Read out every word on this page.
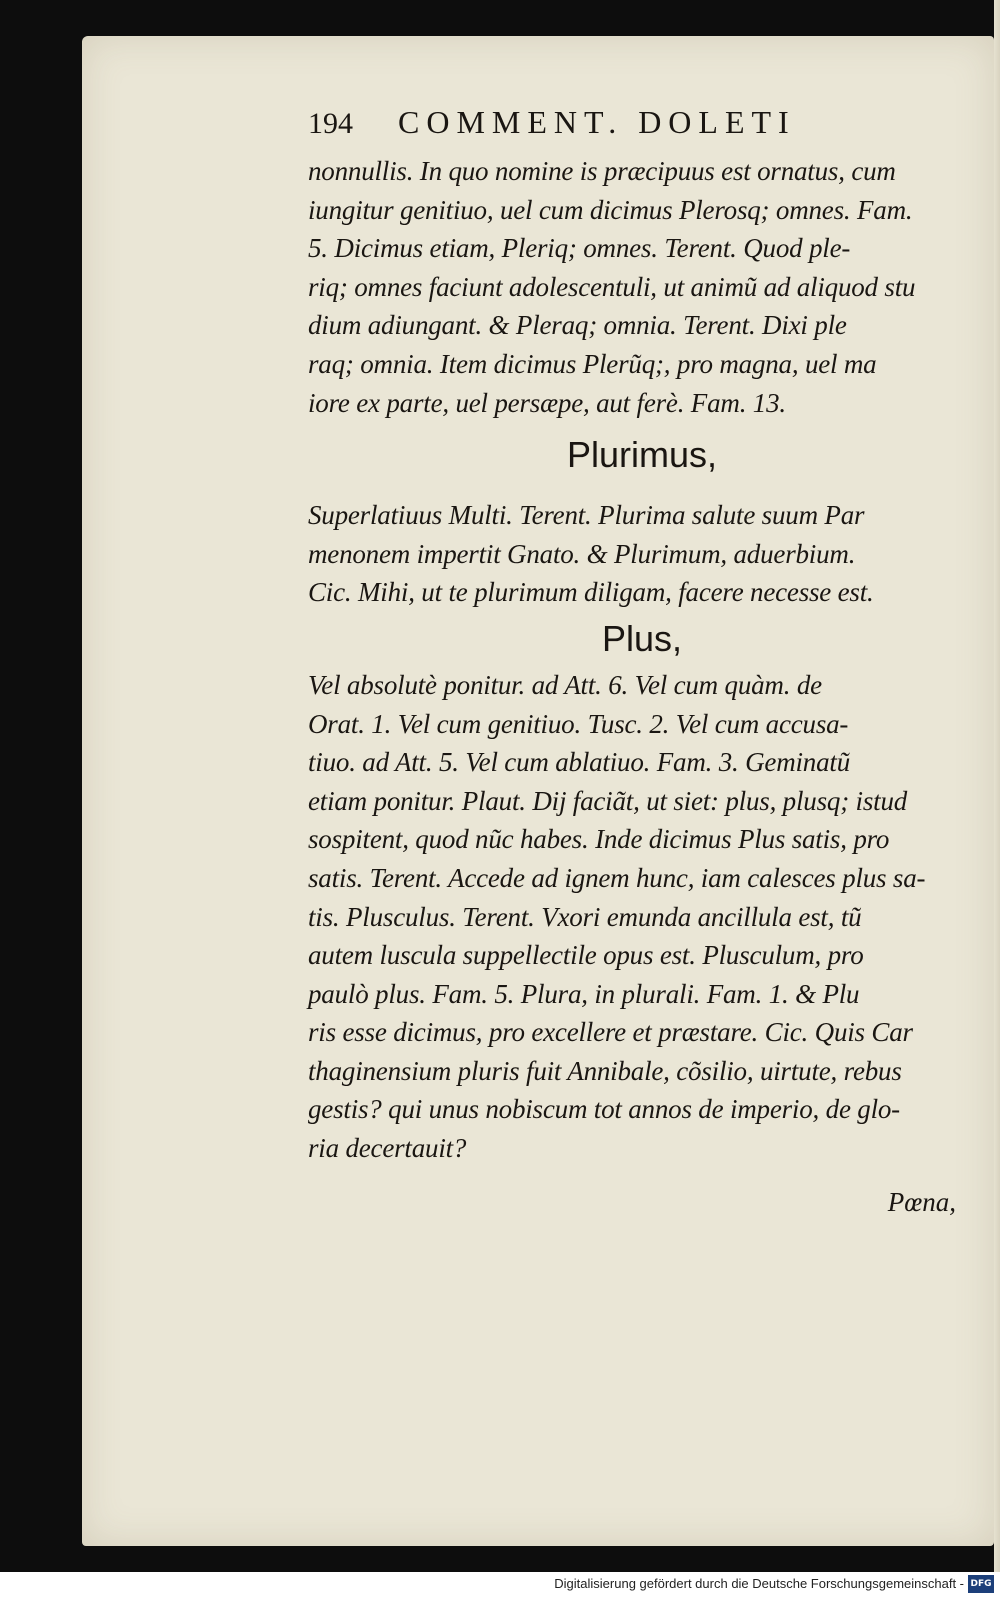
194	COMMENT. DOLETI
nonnullis. In quo nomine is præcipuus est ornatus, cum
iungitur genitiuo, uel cum dicimus Plerosq; omnes. Fam.
5. Dicimus etiam, Pleriq; omnes. Terent. Quod ple-
riq; omnes faciunt adolescentuli, ut animũ ad aliquod stu
dium adiungant. & Pleraq; omnia. Terent. Dixi ple
raq; omnia. Item dicimus Plerũq;, pro magna, uel ma
iore ex parte, uel persæpe, aut ferè. Fam. 13.
Plurimus,
Superlatiuus Multi. Terent. Plurima salute suum Par
menonem impertit Gnato. & Plurimum, aduerbium.
Cic. Mihi, ut te plurimum diligam, facere necesse est.
Plus,
Vel absolutè ponitur. ad Att. 6. Vel cum quàm. de
Orat. 1. Vel cum genitiuo. Tusc. 2. Vel cum accusa-
tiuo. ad Att. 5. Vel cum ablatiuo. Fam. 3. Geminatũ
etiam ponitur. Plaut. Dij faciãt, ut siet: plus, plusq; istud
sospitent, quod nũc habes. Inde dicimus Plus satis, pro
satis. Terent. Accede ad ignem hunc, iam calesces plus sa-
tis. Plusculus. Terent. Vxori emunda ancillula est, tũ
autem luscula suppellectile opus est. Plusculum, pro
paulò plus. Fam. 5. Plura, in plurali. Fam. 1. & Plu
ris esse dicimus, pro excellere et præstare. Cic. Quis Car
thaginensium pluris fuit Annibale, cõsilio, uirtute, rebus
gestis? qui unus nobiscum tot annos de imperio, de glo-
ria decertauit?
Pœna,
Digitalisierung gefördert durch die Deutsche Forschungsgemeinschaft - DFG
